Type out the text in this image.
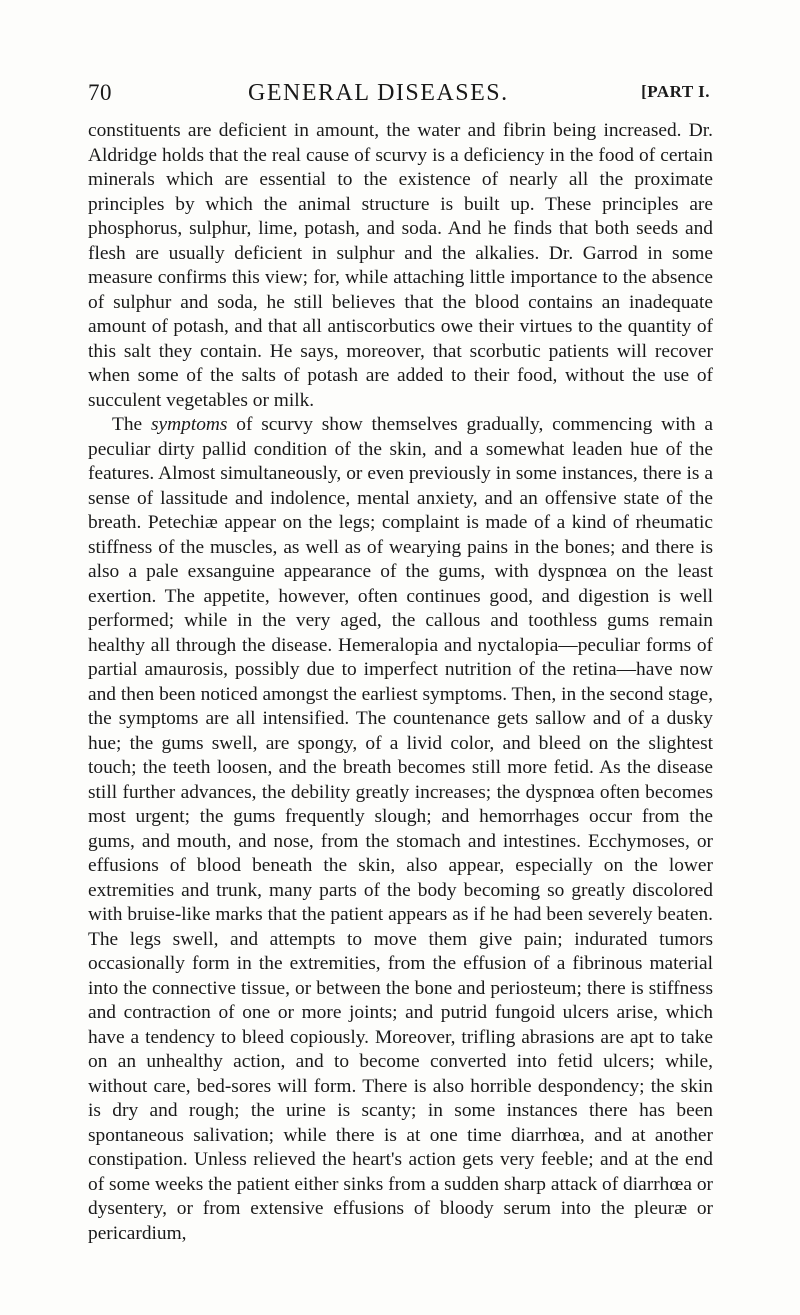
70	GENERAL DISEASES.	[PART I.

constituents are deficient in amount, the water and fibrin being increased. Dr. Aldridge holds that the real cause of scurvy is a deficiency in the food of certain minerals which are essential to the existence of nearly all the proximate principles by which the animal structure is built up. These principles are phosphorus, sulphur, lime, potash, and soda. And he finds that both seeds and flesh are usually deficient in sulphur and the alkalies. Dr. Garrod in some measure confirms this view; for, while attaching little importance to the absence of sulphur and soda, he still believes that the blood contains an inadequate amount of potash, and that all antiscorbutics owe their virtues to the quantity of this salt they contain. He says, moreover, that scorbutic patients will recover when some of the salts of potash are added to their food, without the use of succulent vegetables or milk.

The symptoms of scurvy show themselves gradually, commencing with a peculiar dirty pallid condition of the skin, and a somewhat leaden hue of the features. Almost simultaneously, or even previously in some instances, there is a sense of lassitude and indolence, mental anxiety, and an offensive state of the breath. Petechiæ appear on the legs; complaint is made of a kind of rheumatic stiffness of the muscles, as well as of wearying pains in the bones; and there is also a pale exsanguine appearance of the gums, with dyspnœa on the least exertion. The appetite, however, often continues good, and digestion is well performed; while in the very aged, the callous and toothless gums remain healthy all through the disease. Hemeralopia and nyctalopia—peculiar forms of partial amaurosis, possibly due to imperfect nutrition of the retina—have now and then been noticed amongst the earliest symptoms. Then, in the second stage, the symptoms are all intensified. The countenance gets sallow and of a dusky hue; the gums swell, are spongy, of a livid color, and bleed on the slightest touch; the teeth loosen, and the breath becomes still more fetid. As the disease still further advances, the debility greatly increases; the dyspnœa often becomes most urgent; the gums frequently slough; and hemorrhages occur from the gums, and mouth, and nose, from the stomach and intestines. Ecchymoses, or effusions of blood beneath the skin, also appear, especially on the lower extremities and trunk, many parts of the body becoming so greatly discolored with bruise-like marks that the patient appears as if he had been severely beaten. The legs swell, and attempts to move them give pain; indurated tumors occasionally form in the extremities, from the effusion of a fibrinous material into the connective tissue, or between the bone and periosteum; there is stiffness and contraction of one or more joints; and putrid fungoid ulcers arise, which have a tendency to bleed copiously. Moreover, trifling abrasions are apt to take on an unhealthy action, and to become converted into fetid ulcers; while, without care, bed-sores will form. There is also horrible despondency; the skin is dry and rough; the urine is scanty; in some instances there has been spontaneous salivation; while there is at one time diarrhœa, and at another constipation. Unless relieved the heart's action gets very feeble; and at the end of some weeks the patient either sinks from a sudden sharp attack of diarrhœa or dysentery, or from extensive effusions of bloody serum into the pleuræ or pericardium,
